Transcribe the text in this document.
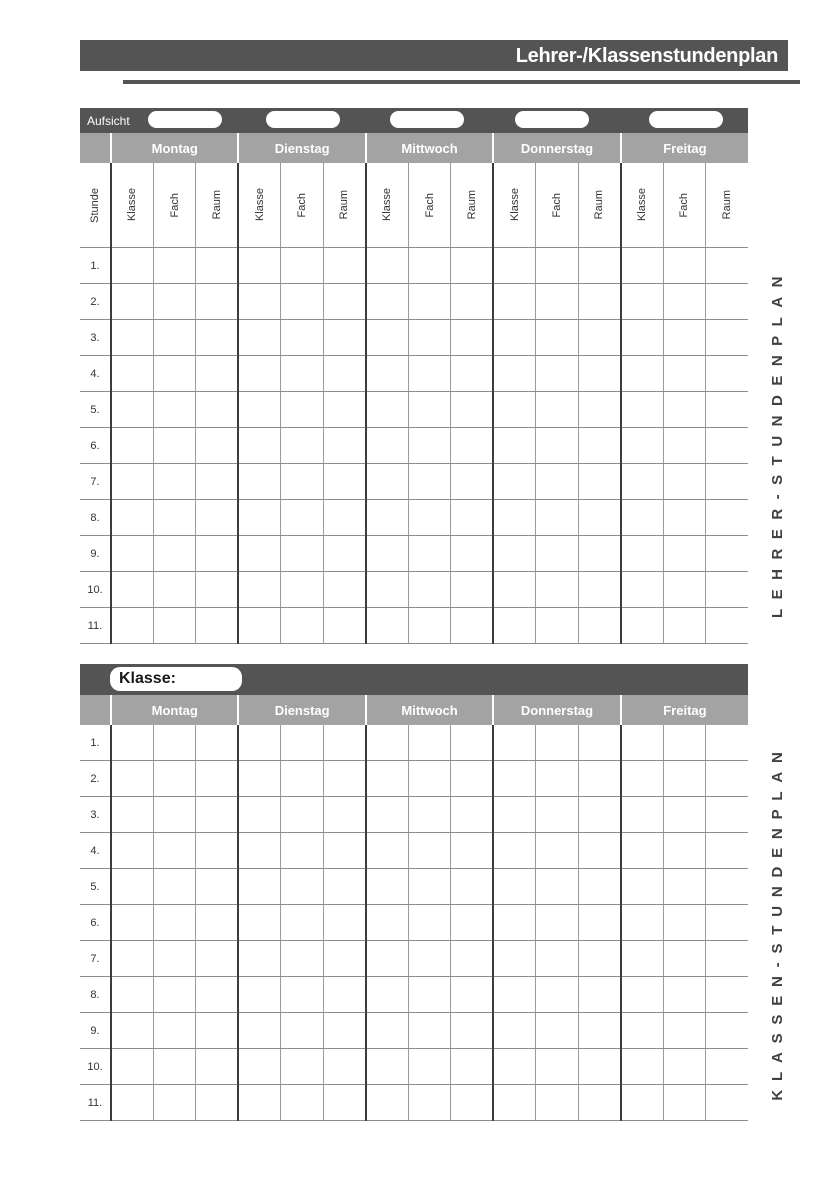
Lehrer-/Klassenstundenplan
Aufsicht
	Montag			Dienstag			Mittwoch			Donnerstag			Freitag		

Stunde	Klasse	Fach	Raum	Klasse	Fach	Raum	Klasse	Fach	Raum	Klasse	Fach	Raum	Klasse	Fach	Raum

1.															
2.															
3.															
4.															
5.															
6.															
7.															
8.															
9.															
10.															
11.															
Klasse:
	Montag			Dienstag			Mittwoch			Donnerstag			Freitag		
1.															
2.															
3.															
4.															
5.															
6.															
7.															
8.															
9.															
10.															
11.															
LEHRER-STUNDENPLAN
KLASSEN-STUNDENPLAN
